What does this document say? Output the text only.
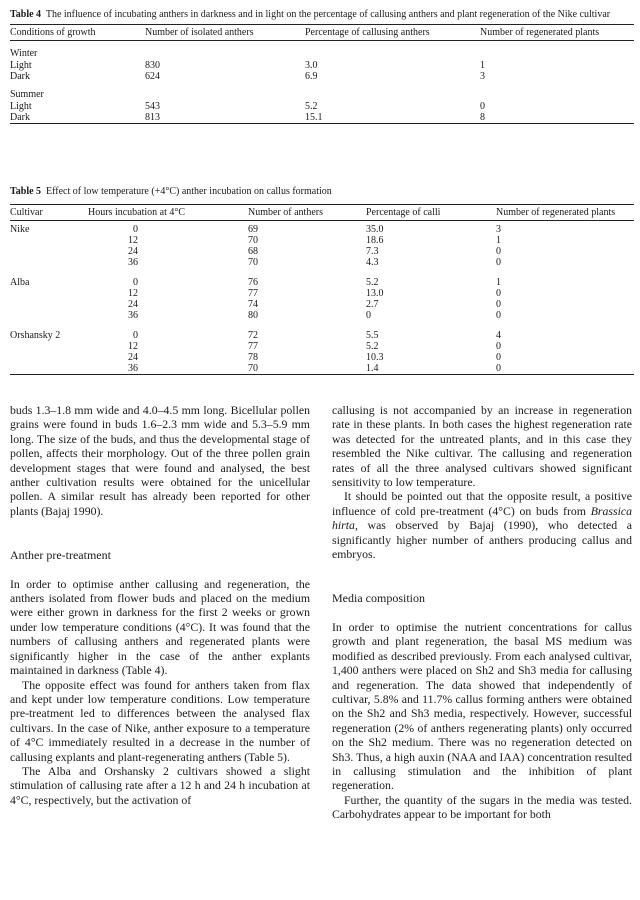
Table 4 The influence of incubating anthers in darkness and in light on the percentage of callusing anthers and plant regeneration of the Nike cultivar
Conditions of growth	Number of isolated anthers	Percentage of callusing anthers	Number of regenerated plants
Winter			
Light	830	3.0	1
Dark	624	6.9	3
Summer			
Light	543	5.2	0
Dark	813	15.1	8
Table 5 Effect of low temperature (+4°C) anther incubation on callus formation
Cultivar	Hours incubation at 4°C	Number of anthers	Percentage of calli	Number of regenerated plants
Nike	0	69	35.0	3
	12	70	18.6	1
	24	68	7.3	0
	36	70	4.3	0
Alba	0	76	5.2	1
	12	77	13.0	0
	24	74	2.7	0
	36	80	0	0
Orshansky 2	0	72	5.5	4
	12	77	5.2	0
	24	78	10.3	0
	36	70	1.4	0

buds 1.3–1.8 mm wide and 4.0–4.5 mm long. Bicellular pollen grains were found in buds 1.6–2.3 mm wide and 5.3–5.9 mm long. The size of the buds, and thus the developmental stage of pollen, affects their morphology. Out of the three pollen grain development stages that were found and analysed, the best anther cultivation results were obtained for the unicellular pollen. A similar result has already been reported for other plants (Bajaj 1990).

Anther pre-treatment

In order to optimise anther callusing and regeneration, the anthers isolated from flower buds and placed on the medium were either grown in darkness for the first 2 weeks or grown under low temperature conditions (4°C). It was found that the numbers of callusing anthers and regenerated plants were significantly higher in the case of the anther explants maintained in darkness (Table 4).

The opposite effect was found for anthers taken from flax and kept under low temperature conditions. Low temperature pre-treatment led to differences between the analysed flax cultivars. In the case of Nike, anther exposure to a temperature of 4°C immediately resulted in a decrease in the number of callusing explants and plant-regenerating anthers (Table 5).

The Alba and Orshansky 2 cultivars showed a slight stimulation of callusing rate after a 12 h and 24 h incubation at 4°C, respectively, but the activation of

callusing is not accompanied by an increase in regeneration rate in these plants. In both cases the highest regeneration rate was detected for the untreated plants, and in this case they resembled the Nike cultivar. The callusing and regeneration rates of all the three analysed cultivars showed significant sensitivity to low temperature.

It should be pointed out that the opposite result, a positive influence of cold pre-treatment (4°C) on buds from Brassica hirta, was observed by Bajaj (1990), who detected a significantly higher number of anthers producing callus and embryos.

Media composition

In order to optimise the nutrient concentrations for callus growth and plant regeneration, the basal MS medium was modified as described previously. From each analysed cultivar, 1,400 anthers were placed on Sh2 and Sh3 media for callusing and regeneration. The data showed that independently of cultivar, 5.8% and 11.7% callus forming anthers were obtained on the Sh2 and Sh3 media, respectively. However, successful regeneration (2% of anthers regenerating plants) only occurred on the Sh2 medium. There was no regeneration detected on Sh3. Thus, a high auxin (NAA and IAA) concentration resulted in callusing stimulation and the inhibition of plant regeneration.

Further, the quantity of the sugars in the media was tested. Carbohydrates appear to be important for both
